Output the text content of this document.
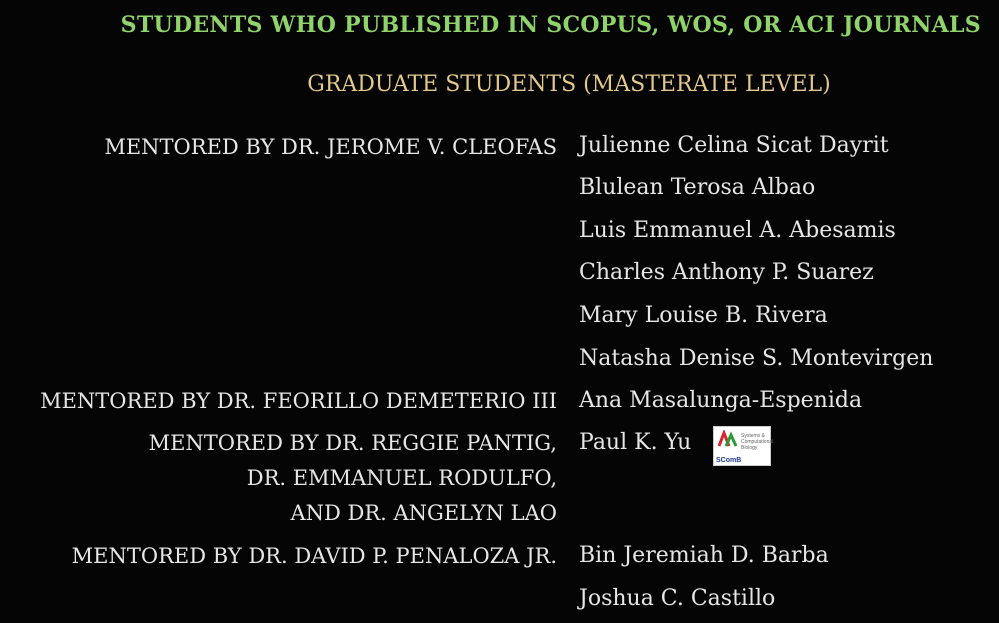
STUDENTS WHO PUBLISHED IN SCOPUS, WOS, OR ACI JOURNALS
GRADUATE STUDENTS (MASTERATE LEVEL)
MENTORED BY DR. JEROME V. CLEOFAS Julienne Celina Sicat Dayrit
Blulean Terosa Albao
Luis Emmanuel A. Abesamis
Charles Anthony P. Suarez
Mary Louise B. Rivera
Natasha Denise S. Montevirgen
MENTORED BY DR. FEORILLO DEMETERIO III Ana Masalunga-Espenida
MENTORED BY DR. REGGIE PANTIG,
DR. EMMANUEL RODULFO,
AND DR. ANGELYN LAO
Paul K. Yu	Systems &
Computational
Biology
SComB
MENTORED BY DR. DAVID P. PENALOZA JR. Bin Jeremiah D. Barba
Joshua C. Castillo
